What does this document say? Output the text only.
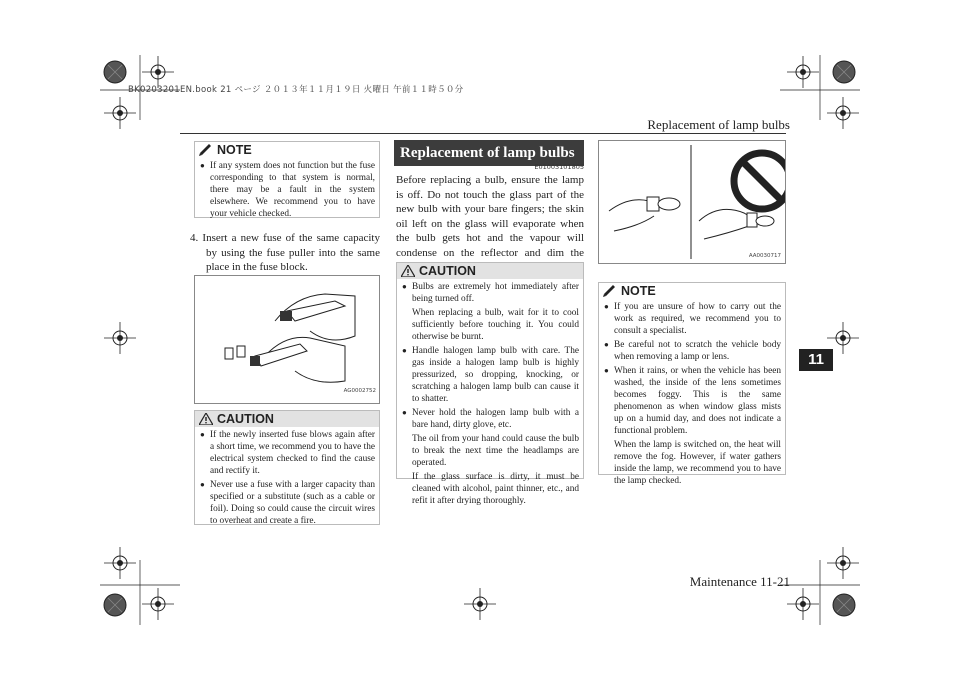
BK0203201EN.book 21 ページ ２０１３年１１月１９日 火曜日 午前１１時５０分
Replacement of lamp bulbs
11
NOTE

● If any system does not function but the fuse corresponding to that system is normal, there may be a fault in the system elsewhere. We recommend you to have your vehicle checked.

4. Insert a new fuse of the same capacity by using the fuse puller into the same place in the fuse block.
AG0002752
CAUTION

● If the newly inserted fuse blows again after a short time, we recommend you to have the electrical system checked to find the cause and rectify it.

● Never use a fuse with a larger capacity than specified or a substitute (such as a cable or foil). Doing so could cause the circuit wires to overheat and create a fire.

Replacement of lamp bulbs
E01003101805
Before replacing a bulb, ensure the lamp is off. Do not touch the glass part of the new bulb with your bare fingers; the skin oil left on the glass will evaporate when the bulb gets hot and the vapour will condense on the reflector and dim the
CAUTION

● Bulbs are extremely hot immediately after being turned off.

When replacing a bulb, wait for it to cool sufficiently before touching it. You could otherwise be burnt.

● Handle halogen lamp bulb with care. The gas inside a halogen lamp bulb is highly pressurized, so dropping, knocking, or scratching a halogen lamp bulb can cause it to shatter.

● Never hold the halogen lamp bulb with a bare hand, dirty glove, etc.

The oil from your hand could cause the bulb to break the next time the headlamps are operated.

If the glass surface is dirty, it must be cleaned with alcohol, paint thinner, etc., and refit it after drying thoroughly.

AA0030717
NOTE

● If you are unsure of how to carry out the work as required, we recommend you to consult a specialist.

● Be careful not to scratch the vehicle body when removing a lamp or lens.

● When it rains, or when the vehicle has been washed, the inside of the lens sometimes becomes foggy. This is the same phenomenon as when window glass mists up on a humid day, and does not indicate a functional problem.

When the lamp is switched on, the heat will remove the fog. However, if water gathers inside the lamp, we recommend you to have the lamp checked.

Maintenance 11-21
